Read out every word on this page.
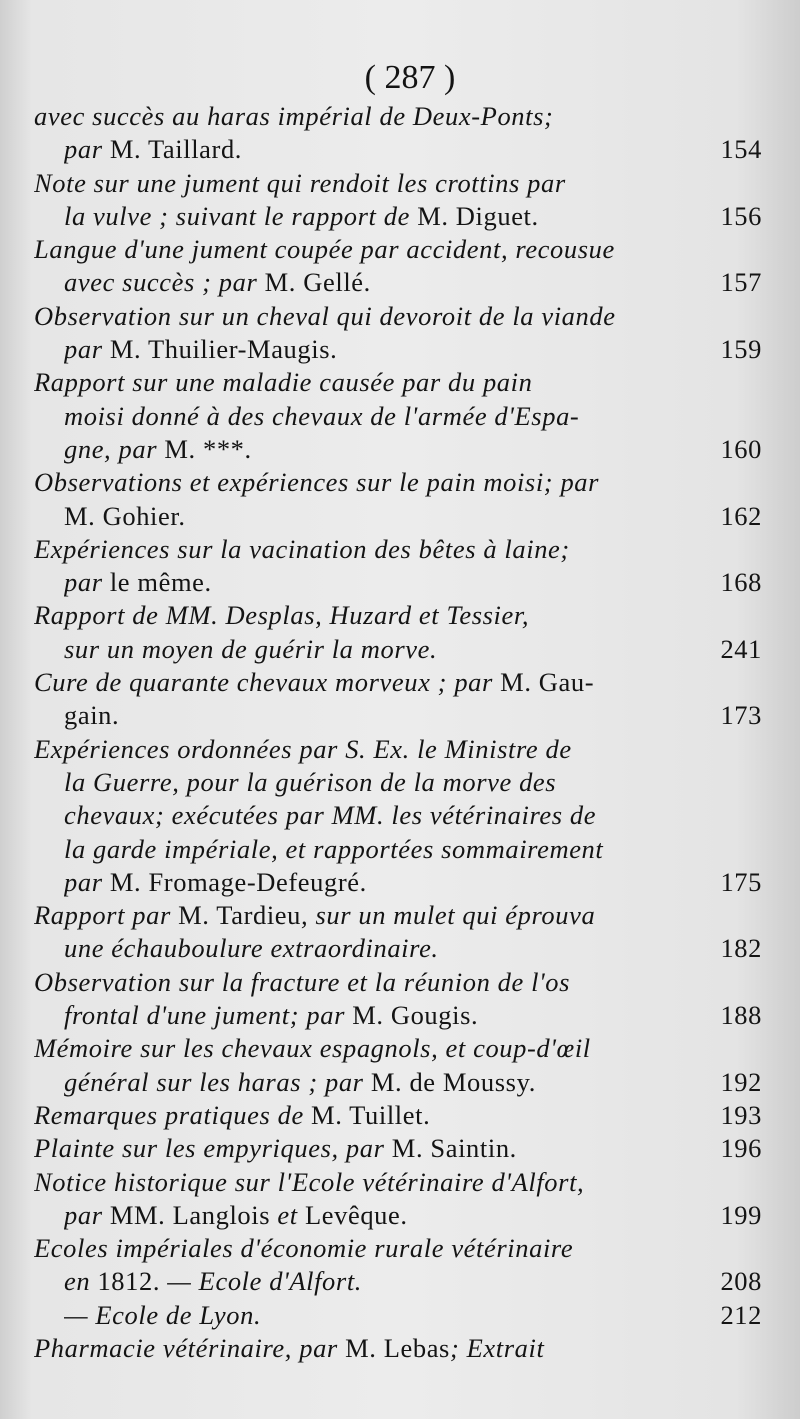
( 287 )
avec succès au haras impérial de Deux-Ponts;
par M. Taillard.	154
Note sur une jument qui rendoit les crottins par
la vulve ; suivant le rapport de M. Diguet.	156
Langue d'une jument coupée par accident, recousue
avec succès ; par M. Gellé.	157
Observation sur un cheval qui devoroit de la viande
par M. Thuilier-Maugis.	159
Rapport sur une maladie causée par du pain
moisi donné à des chevaux de l'armée d'Espa-
gne, par M. ***.	160
Observations et expériences sur le pain moisi; par
M. Gohier.	162
Expériences sur la vacination des bêtes à laine;
par le même.	168
Rapport de MM. Desplas, Huzard et Tessier,
sur un moyen de guérir la morve.	241
Cure de quarante chevaux morveux ; par M. Gau-
gain.	173
Expériences ordonnées par S. Ex. le Ministre de
la Guerre, pour la guérison de la morve des
chevaux; exécutées par MM. les vétérinaires de
la garde impériale, et rapportées sommairement
par M. Fromage-Defeugré.	175
Rapport par M. Tardieu, sur un mulet qui éprouva
une échauboulure extraordinaire.	182
Observation sur la fracture et la réunion de l'os
frontal d'une jument; par M. Gougis.	188
Mémoire sur les chevaux espagnols, et coup-d'œil
général sur les haras ; par M. de Moussy.	192
Remarques pratiques de M. Tuillet.	193
Plainte sur les empyriques, par M. Saintin.	196
Notice historique sur l'Ecole vétérinaire d'Alfort,
par MM. Langlois et Levêque.	199
Ecoles impériales d'économie rurale vétérinaire
en 1812. — Ecole d'Alfort.	208
— Ecole de Lyon.	212
Pharmacie vétérinaire, par M. Lebas; Extrait
